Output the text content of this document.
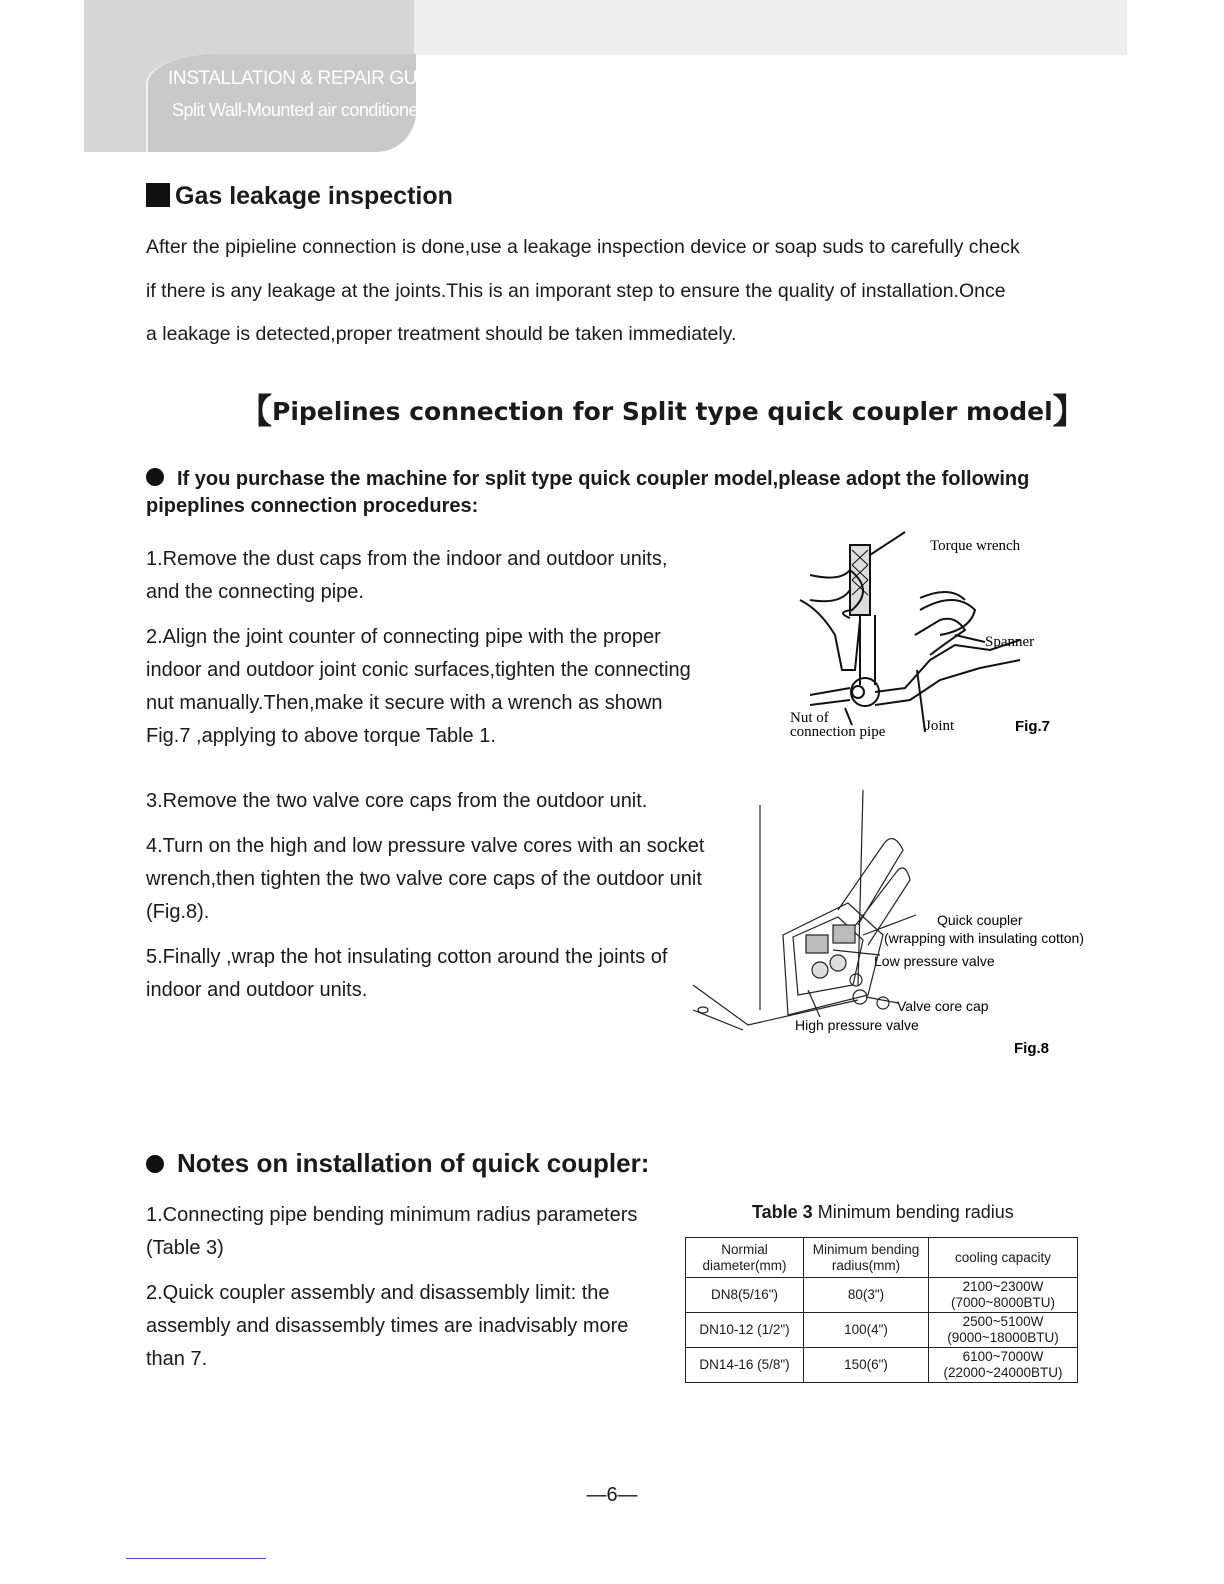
INSTALLATION & REPAIR GUIDE
Split Wall-Mounted air conditioner
Gas leakage inspection

After the pipieline connection is done,use a leakage inspection device or soap suds to carefully check

if there is any leakage at the joints.This is an imporant step to ensure the quality of installation.Once

a leakage is detected,proper treatment should be taken immediately.

【Pipelines connection for Split type quick coupler model】
If you purchase the machine for split type quick coupler model,please adopt the following pipeplines connection procedures:

1.Remove the dust caps from the indoor and outdoor units, and the connecting pipe.

2.Align the joint counter of connecting pipe with the proper indoor and outdoor joint conic surfaces,tighten the connecting nut manually.Then,make it secure with a wrench as shown Fig.7 ,applying to above torque Table 1.

Torque wrench
Spanner
Nut of
connection pipe	Joint	Fig.7

3.Remove the two valve core caps from the outdoor unit.

4.Turn on the high and low pressure valve cores with an socket wrench,then tighten the two valve core caps of the outdoor unit (Fig.8).

5.Finally ,wrap the hot insulating cotton around the joints of indoor and outdoor units.

Quick coupler
(wrapping with insulating cotton)
Low pressure valve
Valve core cap
High pressure valve
Fig.8
Notes on installation of quick coupler:

1.Connecting pipe bending minimum radius parameters (Table 3)

2.Quick coupler assembly and disassembly limit: the assembly and disassembly times are inadvisably more than 7.

Table 3 Minimum bending radius
Normial diameter(mm)	Minimum bending radius(mm)	cooling capacity
DN8(5/16")	80(3")	2100~2300W (7000~8000BTU)
DN10-12 (1/2")	100(4")	2500~5100W (9000~18000BTU)
DN14-16 (5/8")	150(6")	6100~7000W (22000~24000BTU)
—6—
